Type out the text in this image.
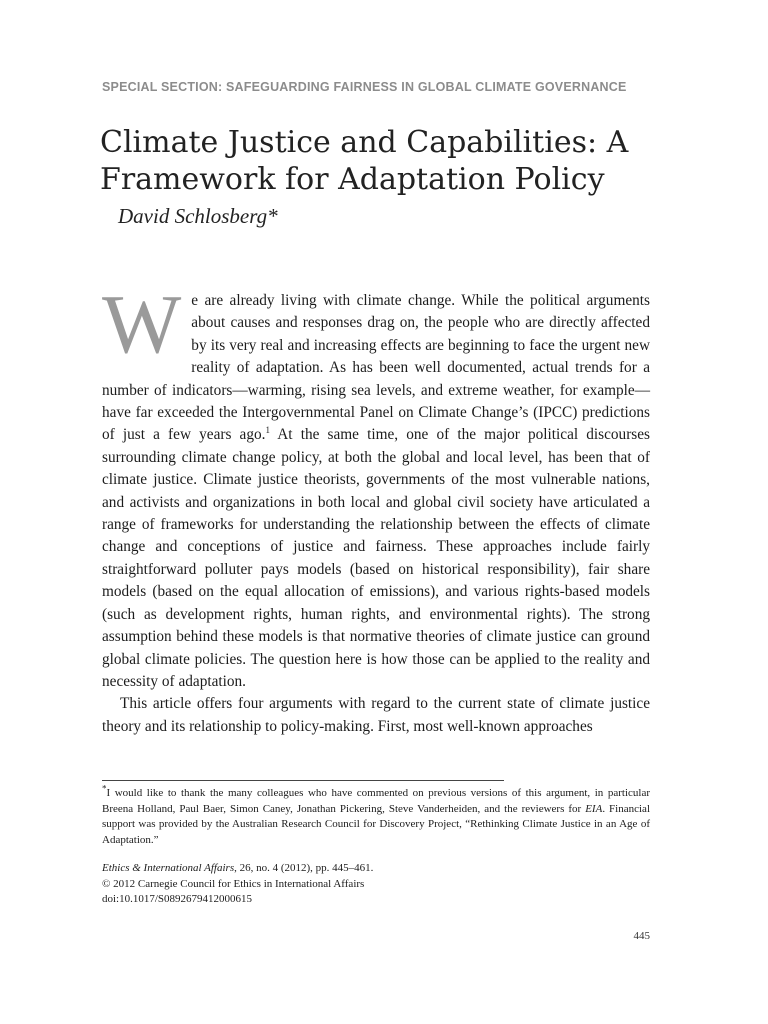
SPECIAL SECTION: SAFEGUARDING FAIRNESS IN GLOBAL CLIMATE GOVERNANCE
Climate Justice and Capabilities: A Framework for Adaptation Policy
David Schlosberg*

We are already living with climate change. While the political arguments about causes and responses drag on, the people who are directly affected by its very real and increasing effects are beginning to face the urgent new reality of adaptation. As has been well documented, actual trends for a number of indicators—warming, rising sea levels, and extreme weather, for example—have far exceeded the Intergovernmental Panel on Climate Change’s (IPCC) predictions of just a few years ago.$^1$ At the same time, one of the major political discourses surrounding climate change policy, at both the global and local level, has been that of climate justice. Climate justice theorists, governments of the most vulnerable nations, and activists and organizations in both local and global civil society have articulated a range of frameworks for understanding the relationship between the effects of climate change and conceptions of justice and fairness. These approaches include fairly straightforward polluter pays models (based on historical responsibility), fair share models (based on the equal allocation of emissions), and various rights-based models (such as development rights, human rights, and environmental rights). The strong assumption behind these models is that normative theories of climate justice can ground global climate policies. The question here is how those can be applied to the reality and necessity of adaptation.

This article offers four arguments with regard to the current state of climate justice theory and its relationship to policy-making. First, most well-known approaches

*I would like to thank the many colleagues who have commented on previous versions of this argument, in particular Breena Holland, Paul Baer, Simon Caney, Jonathan Pickering, Steve Vanderheiden, and the reviewers for EIA. Financial support was provided by the Australian Research Council for Discovery Project, “Rethinking Climate Justice in an Age of Adaptation.”

Ethics & International Affairs, 26, no. 4 (2012), pp. 445–461.
© 2012 Carnegie Council for Ethics in International Affairs
doi:10.1017/S0892679412000615
445
